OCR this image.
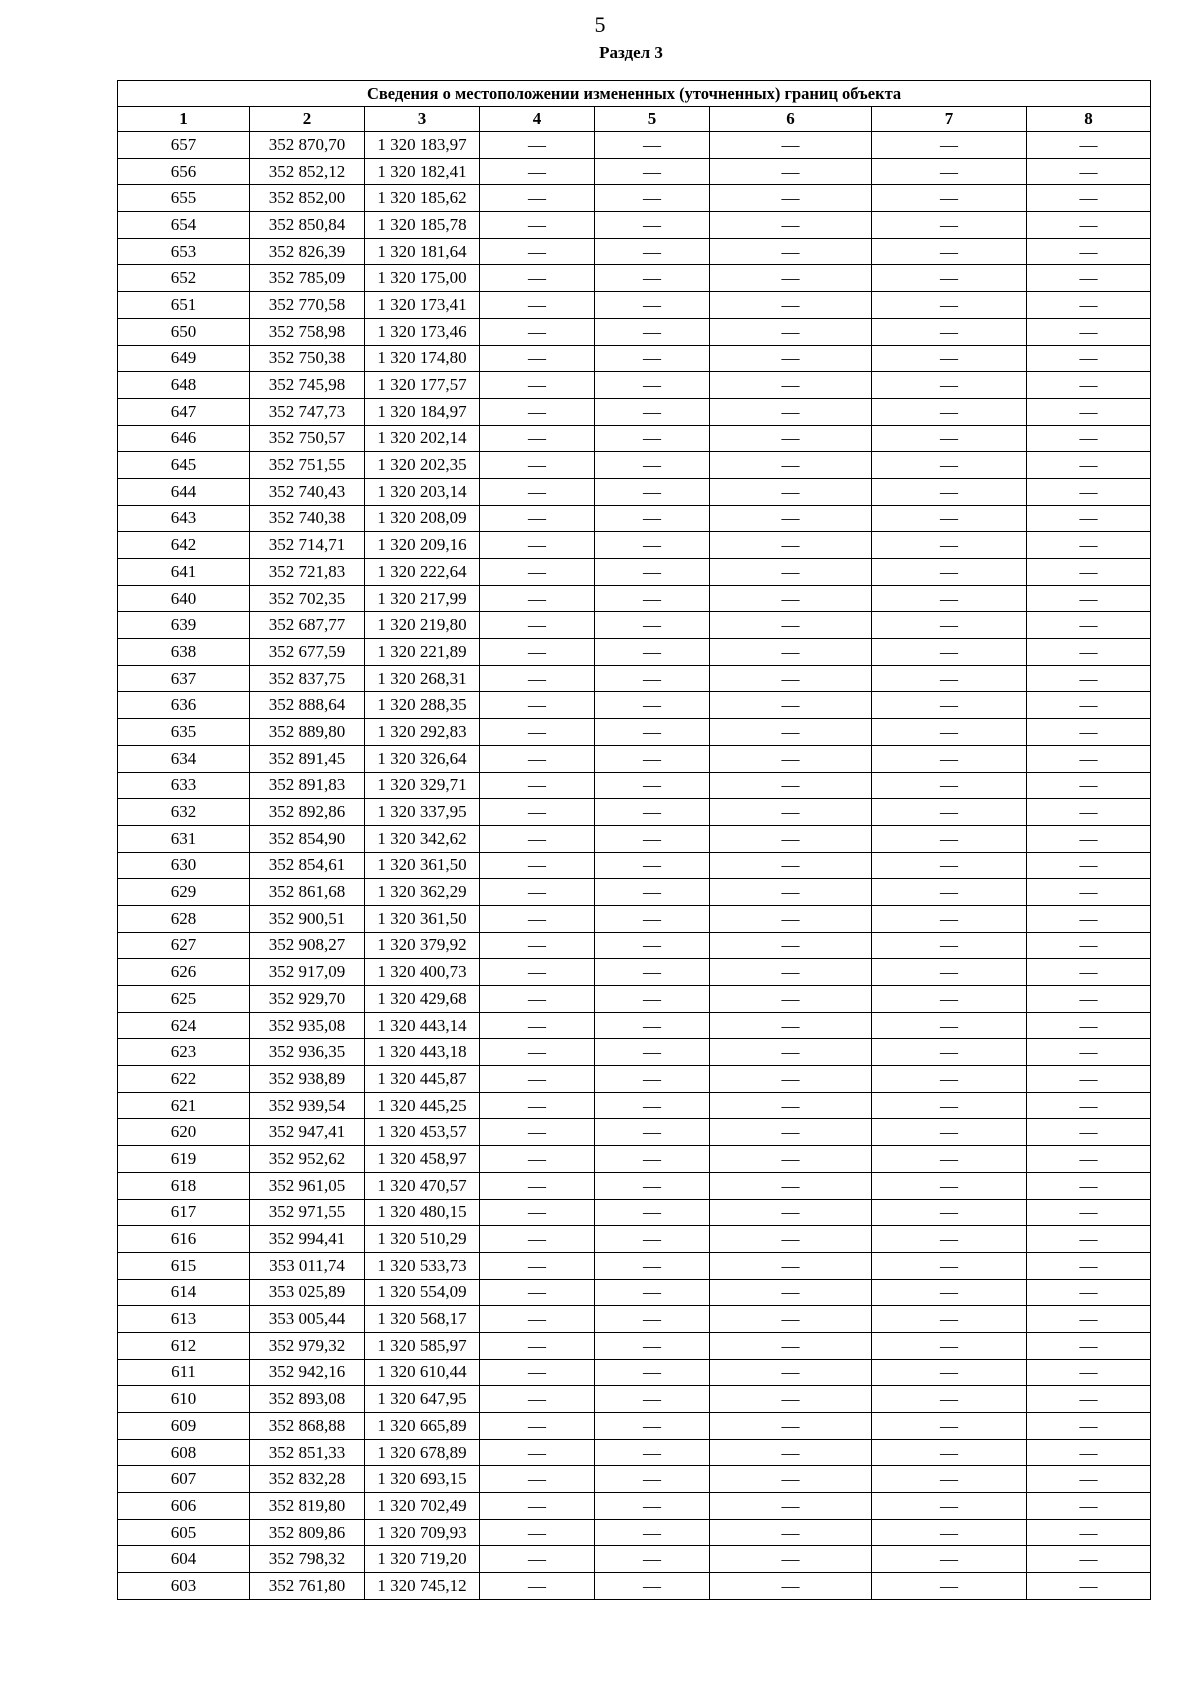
5
Раздел 3
Сведения о местоположении измененных (уточненных) границ объекта							
1	2	3	4	5	6	7	8
657	352 870,70	1 320 183,97	—	—	—	—	—
656	352 852,12	1 320 182,41	—	—	—	—	—
655	352 852,00	1 320 185,62	—	—	—	—	—
654	352 850,84	1 320 185,78	—	—	—	—	—
653	352 826,39	1 320 181,64	—	—	—	—	—
652	352 785,09	1 320 175,00	—	—	—	—	—
651	352 770,58	1 320 173,41	—	—	—	—	—
650	352 758,98	1 320 173,46	—	—	—	—	—
649	352 750,38	1 320 174,80	—	—	—	—	—
648	352 745,98	1 320 177,57	—	—	—	—	—
647	352 747,73	1 320 184,97	—	—	—	—	—
646	352 750,57	1 320 202,14	—	—	—	—	—
645	352 751,55	1 320 202,35	—	—	—	—	—
644	352 740,43	1 320 203,14	—	—	—	—	—
643	352 740,38	1 320 208,09	—	—	—	—	—
642	352 714,71	1 320 209,16	—	—	—	—	—
641	352 721,83	1 320 222,64	—	—	—	—	—
640	352 702,35	1 320 217,99	—	—	—	—	—
639	352 687,77	1 320 219,80	—	—	—	—	—
638	352 677,59	1 320 221,89	—	—	—	—	—
637	352 837,75	1 320 268,31	—	—	—	—	—
636	352 888,64	1 320 288,35	—	—	—	—	—
635	352 889,80	1 320 292,83	—	—	—	—	—
634	352 891,45	1 320 326,64	—	—	—	—	—
633	352 891,83	1 320 329,71	—	—	—	—	—
632	352 892,86	1 320 337,95	—	—	—	—	—
631	352 854,90	1 320 342,62	—	—	—	—	—
630	352 854,61	1 320 361,50	—	—	—	—	—
629	352 861,68	1 320 362,29	—	—	—	—	—
628	352 900,51	1 320 361,50	—	—	—	—	—
627	352 908,27	1 320 379,92	—	—	—	—	—
626	352 917,09	1 320 400,73	—	—	—	—	—
625	352 929,70	1 320 429,68	—	—	—	—	—
624	352 935,08	1 320 443,14	—	—	—	—	—
623	352 936,35	1 320 443,18	—	—	—	—	—
622	352 938,89	1 320 445,87	—	—	—	—	—
621	352 939,54	1 320 445,25	—	—	—	—	—
620	352 947,41	1 320 453,57	—	—	—	—	—
619	352 952,62	1 320 458,97	—	—	—	—	—
618	352 961,05	1 320 470,57	—	—	—	—	—
617	352 971,55	1 320 480,15	—	—	—	—	—
616	352 994,41	1 320 510,29	—	—	—	—	—
615	353 011,74	1 320 533,73	—	—	—	—	—
614	353 025,89	1 320 554,09	—	—	—	—	—
613	353 005,44	1 320 568,17	—	—	—	—	—
612	352 979,32	1 320 585,97	—	—	—	—	—
611	352 942,16	1 320 610,44	—	—	—	—	—
610	352 893,08	1 320 647,95	—	—	—	—	—
609	352 868,88	1 320 665,89	—	—	—	—	—
608	352 851,33	1 320 678,89	—	—	—	—	—
607	352 832,28	1 320 693,15	—	—	—	—	—
606	352 819,80	1 320 702,49	—	—	—	—	—
605	352 809,86	1 320 709,93	—	—	—	—	—
604	352 798,32	1 320 719,20	—	—	—	—	—
603	352 761,80	1 320 745,12	—	—	—	—	—
